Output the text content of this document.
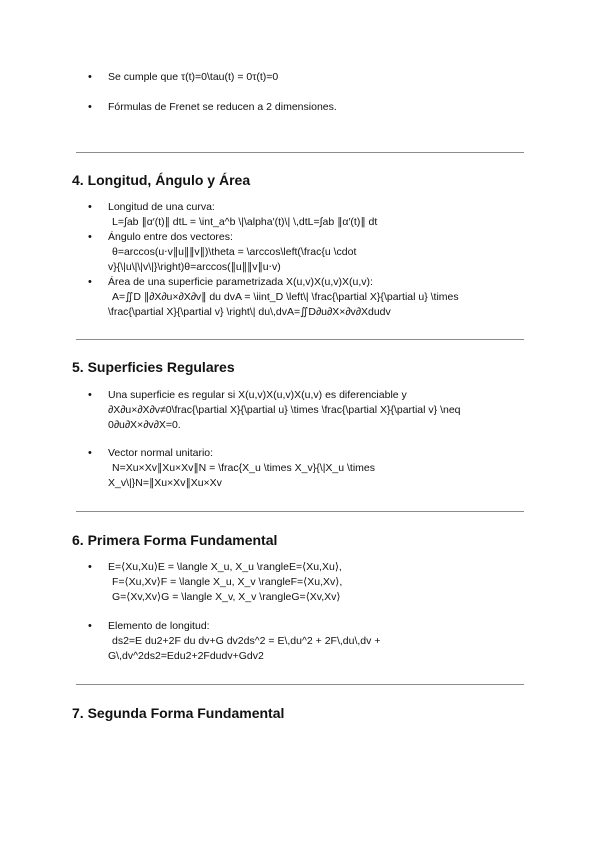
• Se cumple que τ(t)=0\tau(t) = 0τ(t)=0
• Fórmulas de Frenet se reducen a 2 dimensiones.
4. Longitud, Ángulo y Área
• Longitud de una curva:
L=∫ab ∥α′(t)∥ dtL = \int_a^b \|\alpha'(t)\| \,dtL=∫ab ∥α′(t)∥ dt
• Ángulo entre dos vectores:
θ=arccos(u⋅v∥u∥∥v∥)\theta = \arccos\left(\frac{u \cdot
v}{\|u\|\|v\|}\right)θ=arccos(∥u∥∥v∥u⋅v)
• Área de una superficie parametrizada X(u,v)X(u,v)X(u,v):
A=∬D ∥∂X∂u×∂X∂v∥ du dvA = \iint_D \left\| \frac{\partial X}{\partial u} \times
\frac{\partial X}{\partial v} \right\| du\,dvA=∬D​∂u∂X​×∂v∂X​dudv
5. Superficies Regulares
• Una superficie es regular si X(u,v)X(u,v)X(u,v) es diferenciable y
∂X∂u×∂X∂v≠0\frac{\partial X}{\partial u} \times \frac{\partial X}{\partial v} \neq
0∂u∂X​×∂v∂X​=0.
• Vector normal unitario:
N=Xu×Xv∥Xu×Xv∥N = \frac{X_u \times X_v}{\|X_u \times
X_v\|}N=∥Xu​×Xv​∥Xu​×Xv​
6. Primera Forma Fundamental
• E=⟨Xu,Xu⟩E = \langle X_u, X_u \rangleE=⟨Xu​,Xu​⟩,
F=⟨Xu,Xv⟩F = \langle X_u, X_v \rangleF=⟨Xu​,Xv​⟩,
G=⟨Xv,Xv⟩G = \langle X_v, X_v \rangleG=⟨Xv​,Xv​⟩
• Elemento de longitud:
ds2=E du2+2F du dv+G dv2ds^2 = E\,du^2 + 2F\,du\,dv +
G\,dv^2ds2=Edu2+2Fdudv+Gdv2
7. Segunda Forma Fundamental
